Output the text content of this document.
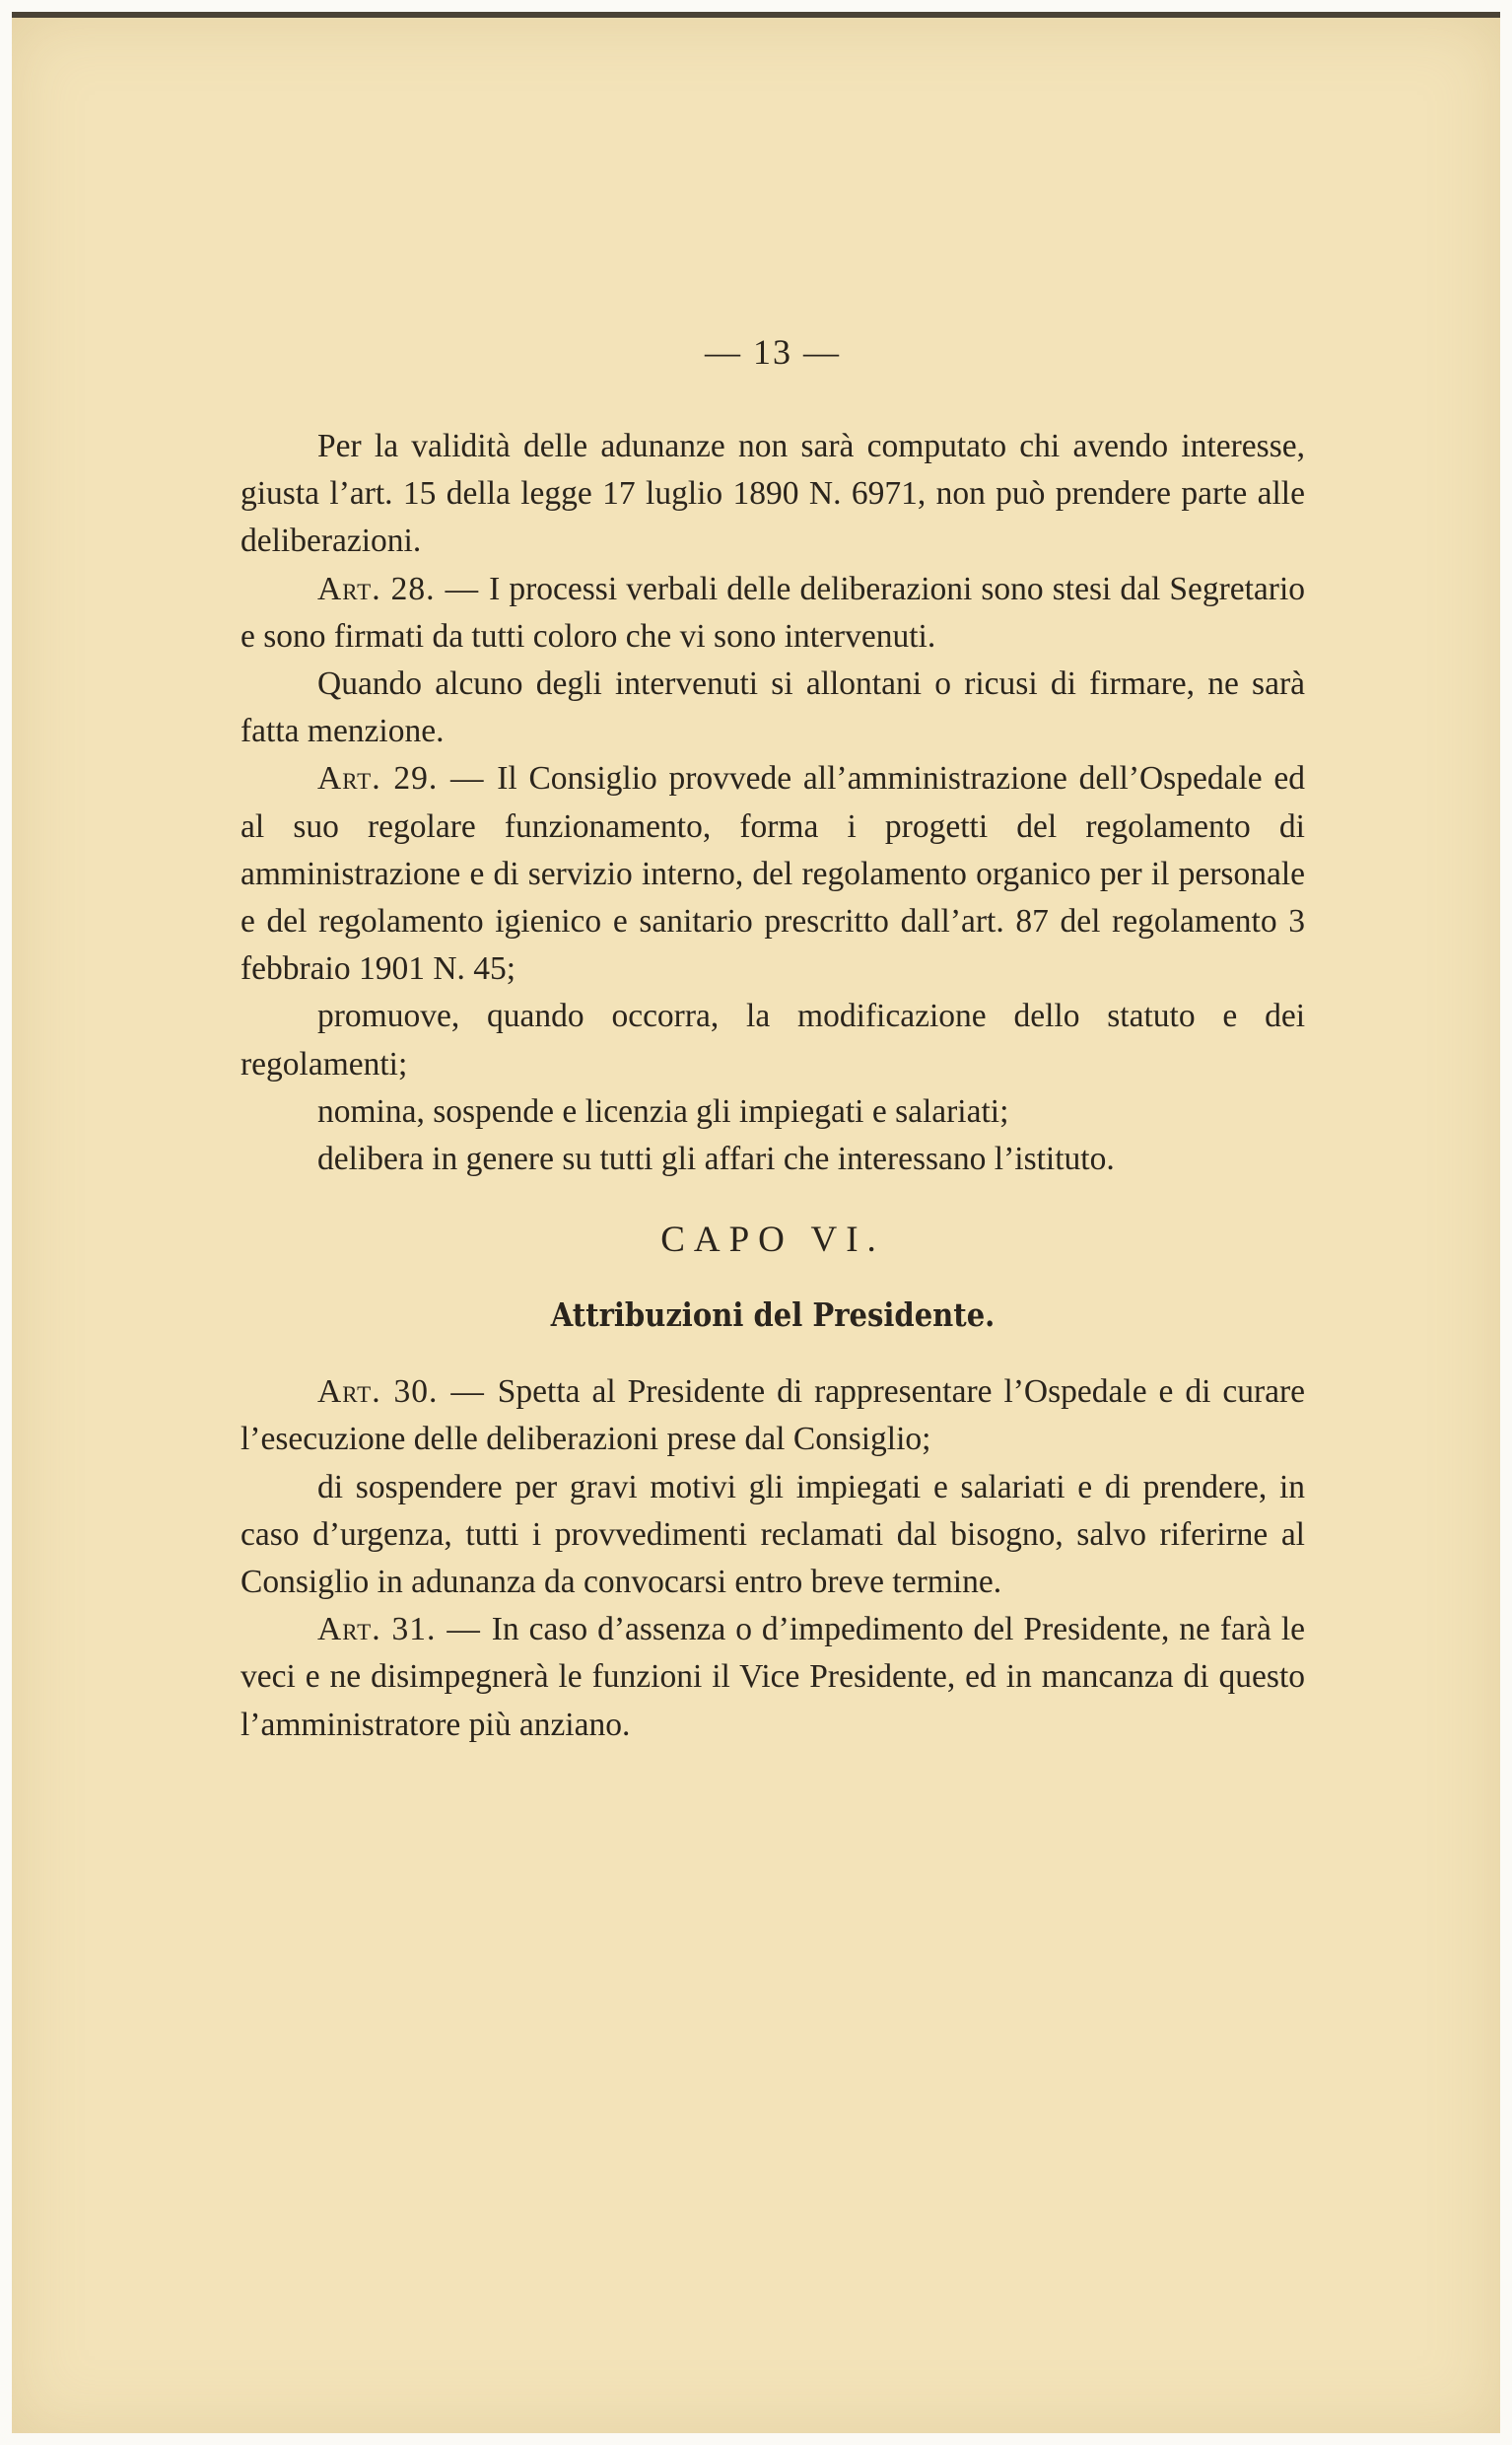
— 13 —

Per la validità delle adunanze non sarà computato chi avendo interesse, giusta l’art. 15 della legge 17 luglio 1890 N. 6971, non può prendere parte alle deliberazioni.

Art. 28. — I processi verbali delle deliberazioni sono stesi dal Segretario e sono firmati da tutti coloro che vi sono intervenuti.

Quando alcuno degli intervenuti si allontani o ricusi di firmare, ne sarà fatta menzione.

Art. 29. — Il Consiglio provvede all’amministrazione dell’Ospedale ed al suo regolare funzionamento, forma i progetti del regolamento di amministrazione e di servizio interno, del regolamento organico per il personale e del regolamento igienico e sanitario prescritto dall’art. 87 del regolamento 3 febbraio 1901 N. 45;

promuove, quando occorra, la modificazione dello statuto e dei regolamenti;

nomina, sospende e licenzia gli impiegati e salariati;

delibera in genere su tutti gli affari che interessano l’istituto.

CAPO VI.
Attribuzioni del Presidente.

Art. 30. — Spetta al Presidente di rappresentare l’Ospedale e di curare l’esecuzione delle deliberazioni prese dal Consiglio;

di sospendere per gravi motivi gli impiegati e salariati e di prendere, in caso d’urgenza, tutti i provvedimenti reclamati dal bisogno, salvo riferirne al Consiglio in adunanza da convocarsi entro breve termine.

Art. 31. — In caso d’assenza o d’impedimento del Presidente, ne farà le veci e ne disimpegnerà le funzioni il Vice Presidente, ed in mancanza di questo l’amministratore più anziano.
